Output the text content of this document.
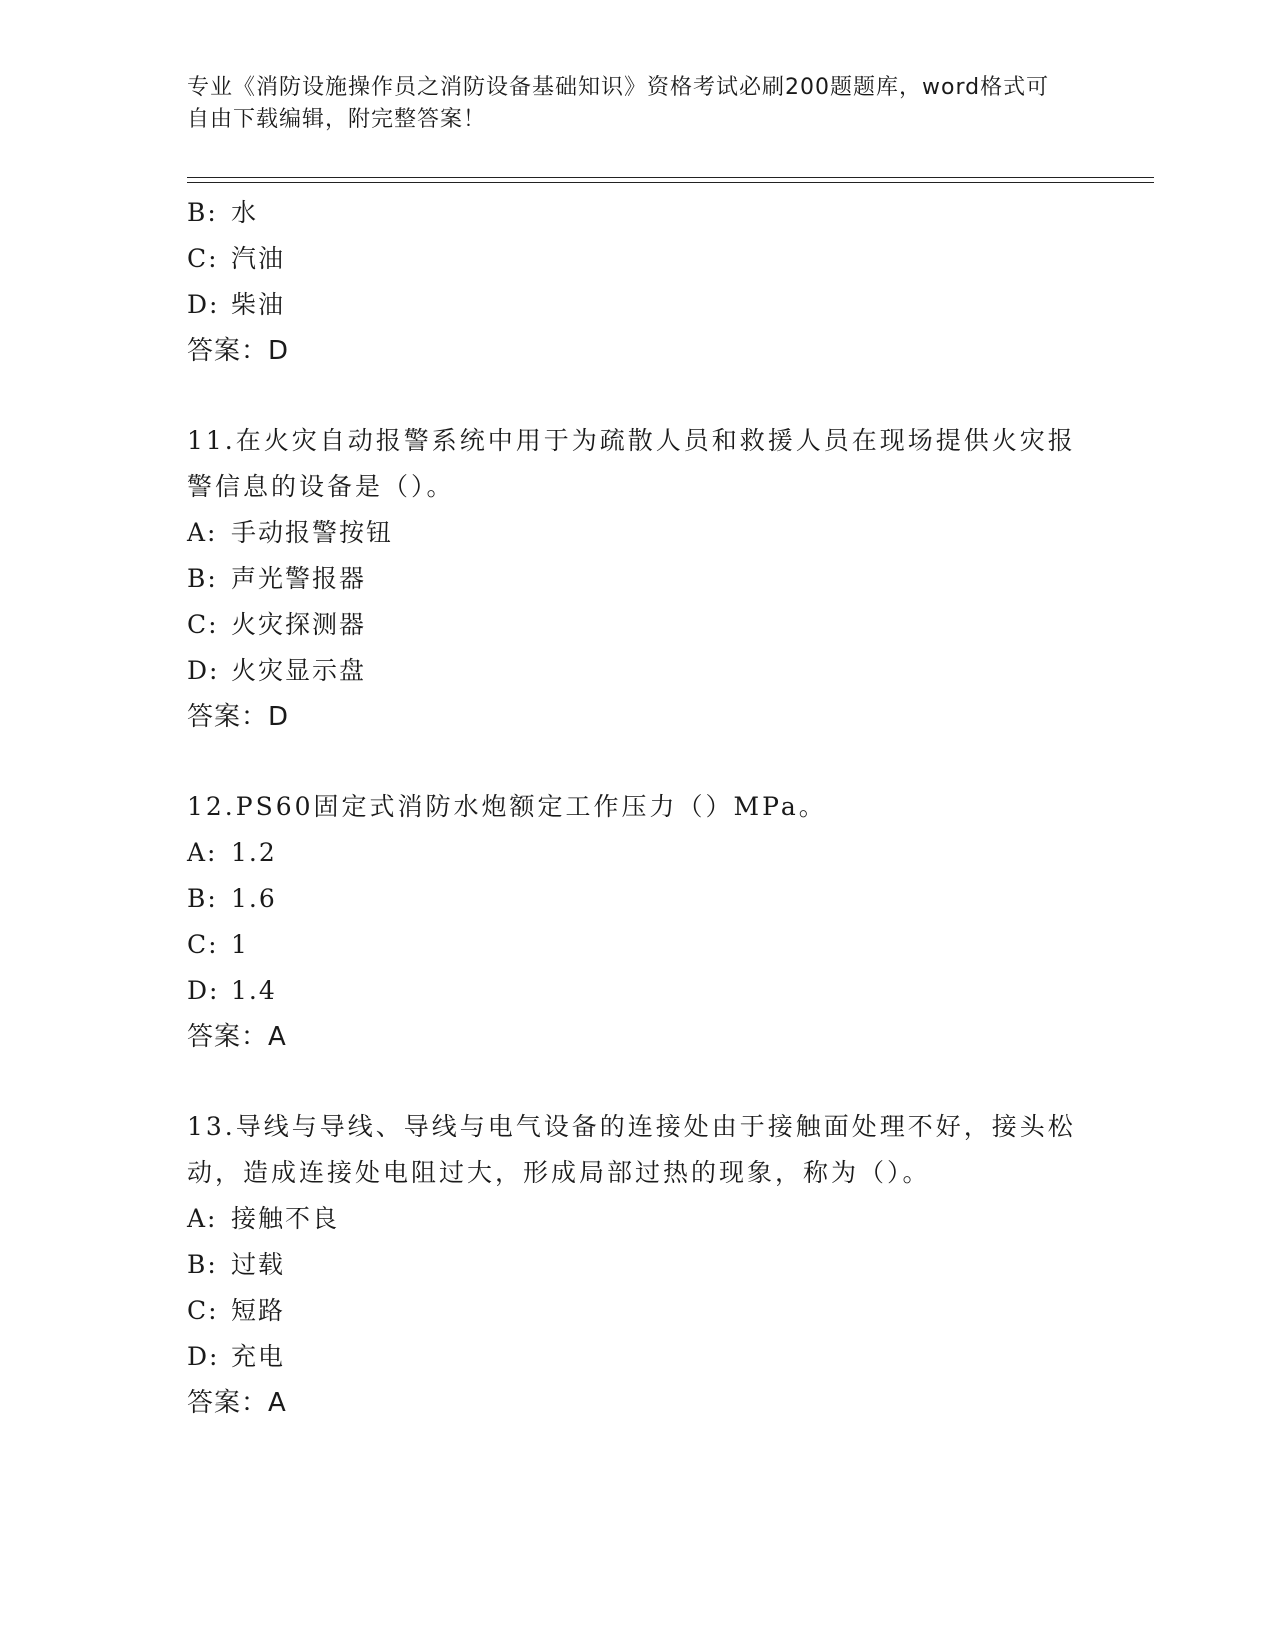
专业《消防设施操作员之消防设备基础知识》资格考试必刷200题题库，word格式可自由下载编辑，附完整答案！
B: 水
C: 汽油
D: 柴油
答案：D
11.在火灾自动报警系统中用于为疏散人员和救援人员在现场提供火灾报警信息的设备是（）。
A: 手动报警按钮
B: 声光警报器
C: 火灾探测器
D: 火灾显示盘
答案：D
12.PS60固定式消防水炮额定工作压力（）MPa。
A: 1.2
B: 1.6
C: 1
D: 1.4
答案：A
13.导线与导线、导线与电气设备的连接处由于接触面处理不好，接头松动，造成连接处电阻过大，形成局部过热的现象，称为（）。
A: 接触不良
B: 过载
C: 短路
D: 充电
答案：A
